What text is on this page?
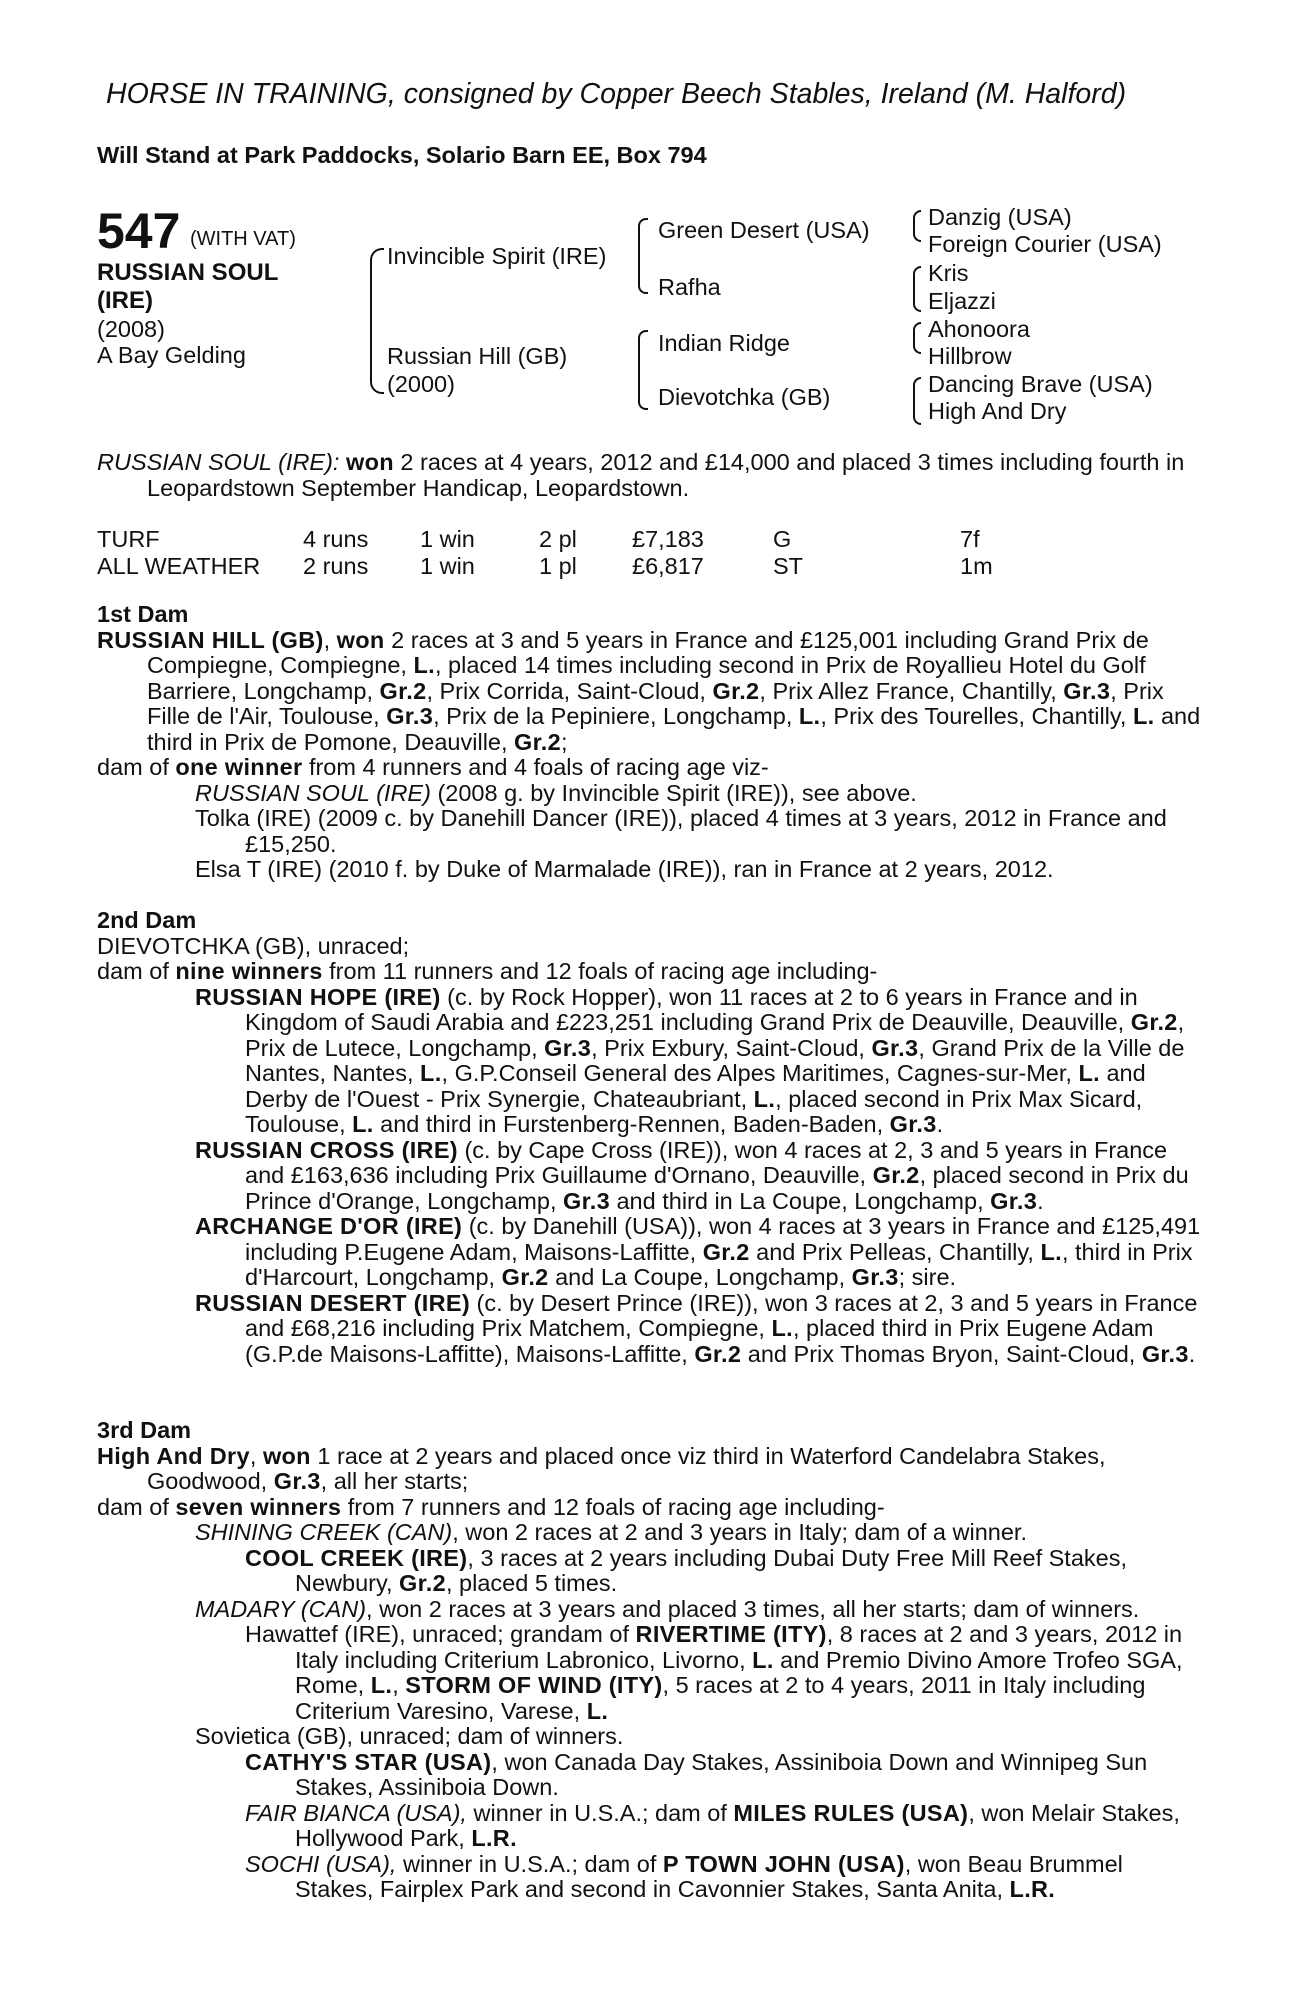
HORSE IN TRAINING, consigned by Copper Beech Stables, Ireland (M. Halford)
Will Stand at Park Paddocks, Solario Barn EE, Box 794
547 (WITH VAT)
RUSSIAN SOUL
(IRE)
(2008)
A Bay Gelding
Invincible Spirit (IRE)
Russian Hill (GB)
(2000)
Green Desert (USA)
Rafha
Indian Ridge
Dievotchka (GB)
Danzig (USA)
Foreign Courier (USA)
Kris
Eljazzi
Ahonoora
Hillbrow
Dancing Brave (USA)
High And Dry

RUSSIAN SOUL (IRE): won 2 races at 4 years, 2012 and £14,000 and placed 3 times including fourth in Leopardstown September Handicap, Leopardstown.

TURF	4 runs	1 win	2 pl	£7,183	G	7f
ALL WEATHER	2 runs	1 win	1 pl	£6,817	ST	1m

1st Dam

RUSSIAN HILL (GB), won 2 races at 3 and 5 years in France and £125,001 including Grand Prix de Compiegne, Compiegne, L., placed 14 times including second in Prix de Royallieu Hotel du Golf Barriere, Longchamp, Gr.2, Prix Corrida, Saint-Cloud, Gr.2, Prix Allez France, Chantilly, Gr.3, Prix Fille de l'Air, Toulouse, Gr.3, Prix de la Pepiniere, Longchamp, L., Prix des Tourelles, Chantilly, L. and third in Prix de Pomone, Deauville, Gr.2;

dam of one winner from 4 runners and 4 foals of racing age viz-

RUSSIAN SOUL (IRE) (2008 g. by Invincible Spirit (IRE)), see above.

Tolka (IRE) (2009 c. by Danehill Dancer (IRE)), placed 4 times at 3 years, 2012 in France and £15,250.

Elsa T (IRE) (2010 f. by Duke of Marmalade (IRE)), ran in France at 2 years, 2012.

2nd Dam

DIEVOTCHKA (GB), unraced;

dam of nine winners from 11 runners and 12 foals of racing age including-

RUSSIAN HOPE (IRE) (c. by Rock Hopper), won 11 races at 2 to 6 years in France and in Kingdom of Saudi Arabia and £223,251 including Grand Prix de Deauville, Deauville, Gr.2, Prix de Lutece, Longchamp, Gr.3, Prix Exbury, Saint-Cloud, Gr.3, Grand Prix de la Ville de Nantes, Nantes, L., G.P.Conseil General des Alpes Maritimes, Cagnes-sur-Mer, L. and Derby de l'Ouest - Prix Synergie, Chateaubriant, L., placed second in Prix Max Sicard, Toulouse, L. and third in Furstenberg-Rennen, Baden-Baden, Gr.3.

RUSSIAN CROSS (IRE) (c. by Cape Cross (IRE)), won 4 races at 2, 3 and 5 years in France and £163,636 including Prix Guillaume d'Ornano, Deauville, Gr.2, placed second in Prix du Prince d'Orange, Longchamp, Gr.3 and third in La Coupe, Longchamp, Gr.3.

ARCHANGE D'OR (IRE) (c. by Danehill (USA)), won 4 races at 3 years in France and £125,491 including P.Eugene Adam, Maisons-Laffitte, Gr.2 and Prix Pelleas, Chantilly, L., third in Prix d'Harcourt, Longchamp, Gr.2 and La Coupe, Longchamp, Gr.3; sire.

RUSSIAN DESERT (IRE) (c. by Desert Prince (IRE)), won 3 races at 2, 3 and 5 years in France and £68,216 including Prix Matchem, Compiegne, L., placed third in Prix Eugene Adam (G.P.de Maisons-Laffitte), Maisons-Laffitte, Gr.2 and Prix Thomas Bryon, Saint-Cloud, Gr.3.

3rd Dam

High And Dry, won 1 race at 2 years and placed once viz third in Waterford Candelabra Stakes, Goodwood, Gr.3, all her starts;

dam of seven winners from 7 runners and 12 foals of racing age including-

SHINING CREEK (CAN), won 2 races at 2 and 3 years in Italy; dam of a winner.

COOL CREEK (IRE), 3 races at 2 years including Dubai Duty Free Mill Reef Stakes, Newbury, Gr.2, placed 5 times.

MADARY (CAN), won 2 races at 3 years and placed 3 times, all her starts; dam of winners.

Hawattef (IRE), unraced; grandam of RIVERTIME (ITY), 8 races at 2 and 3 years, 2012 in Italy including Criterium Labronico, Livorno, L. and Premio Divino Amore Trofeo SGA, Rome, L., STORM OF WIND (ITY), 5 races at 2 to 4 years, 2011 in Italy including Criterium Varesino, Varese, L.

Sovietica (GB), unraced; dam of winners.

CATHY'S STAR (USA), won Canada Day Stakes, Assiniboia Down and Winnipeg Sun Stakes, Assiniboia Down.

FAIR BIANCA (USA), winner in U.S.A.; dam of MILES RULES (USA), won Melair Stakes, Hollywood Park, L.R.

SOCHI (USA), winner in U.S.A.; dam of P TOWN JOHN (USA), won Beau Brummel Stakes, Fairplex Park and second in Cavonnier Stakes, Santa Anita, L.R.
